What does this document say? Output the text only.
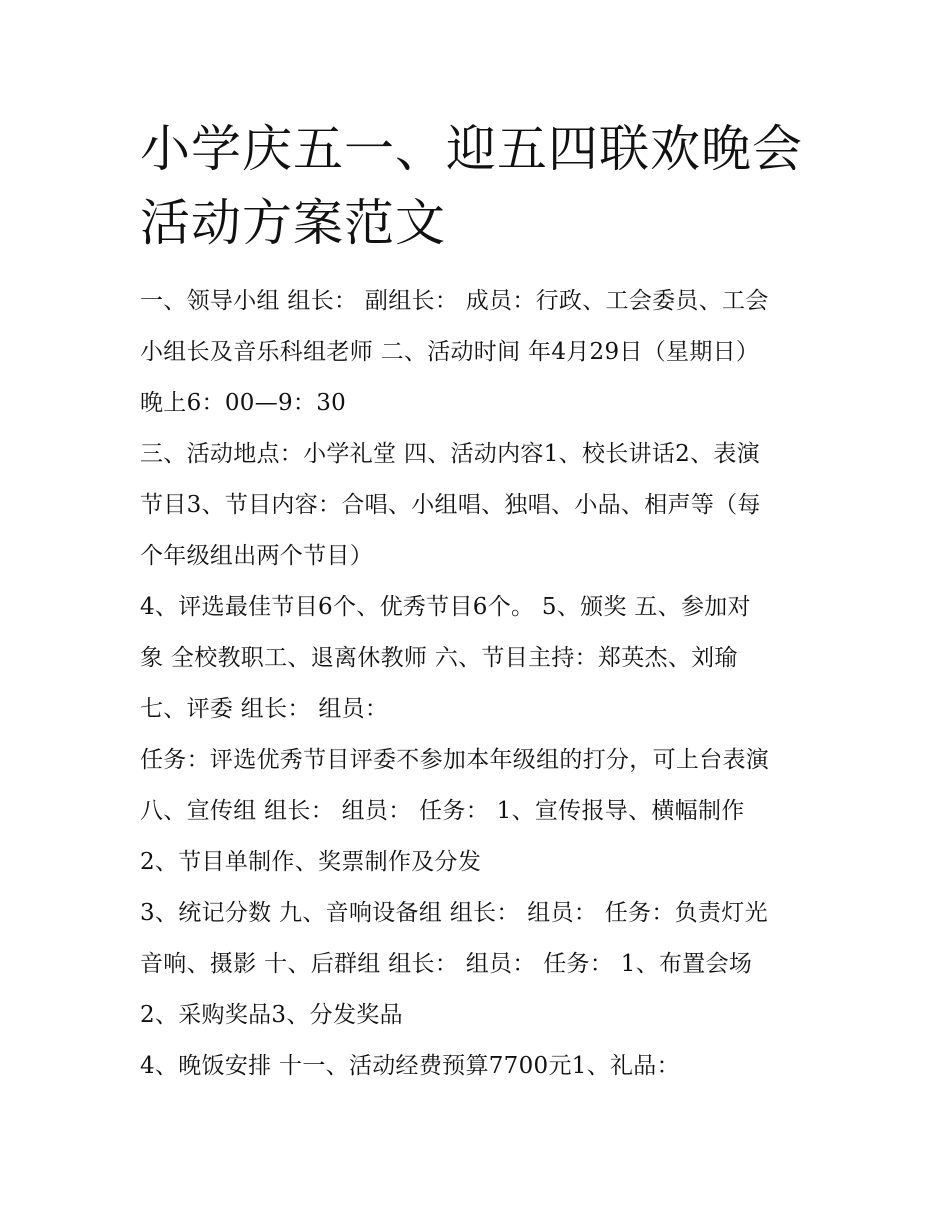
小学庆五一、迎五四联欢晚会
活动方案范文
一、领导小组 组长： 副组长： 成员：行政、工会委员、工会
小组长及音乐科组老师 二、活动时间 年4月29日（星期日）
晚上6：00—9：30
三、活动地点：小学礼堂 四、活动内容1、校长讲话2、表演
节目3、节目内容：合唱、小组唱、独唱、小品、相声等（每
个年级组出两个节目）
4、评选最佳节目6个、优秀节目6个。 5、颁奖 五、参加对
象 全校教职工、退离休教师 六、节目主持：郑英杰、刘瑜
七、评委 组长： 组员：
任务：评选优秀节目评委不参加本年级组的打分，可上台表演
八、宣传组 组长： 组员： 任务： 1、宣传报导、横幅制作
2、节目单制作、奖票制作及分发
3、统记分数 九、音响设备组 组长： 组员： 任务：负责灯光
音响、摄影 十、后群组 组长： 组员： 任务： 1、布置会场
2、采购奖品3、分发奖品
4、晚饭安排 十一、活动经费预算7700元1、礼品：
